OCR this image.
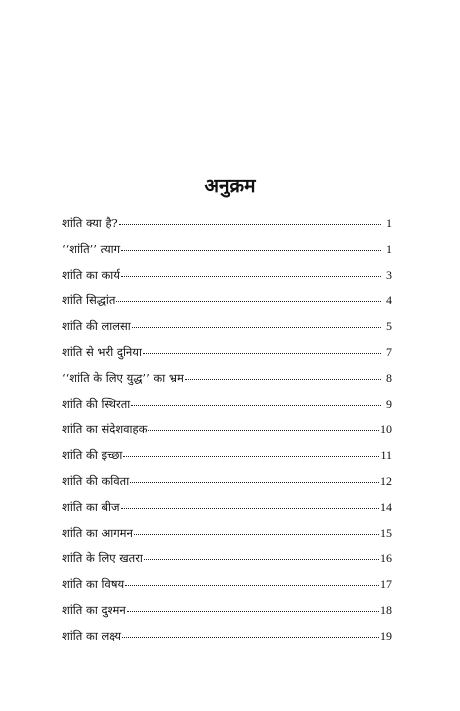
अनुक्रम
शांति क्या है?	1
‘‘शांति’’ त्याग	1
शांति का कार्य	3
शांति सिद्धांत	4
शांति की लालसा	5
शांति से भरी दुनिया	7
‘‘शांति के लिए युद्ध’’ का भ्रम	8
शांति की स्थिरता	9
शांति का संदेशवाहक	10
शांति की इच्छा	11
शांति की कविता	12
शांति का बीज	14
शांति का आगमन	15
शांति के लिए खतरा	16
शांति का विषय	17
शांति का दुश्मन	18
शांति का लक्ष्य	19
